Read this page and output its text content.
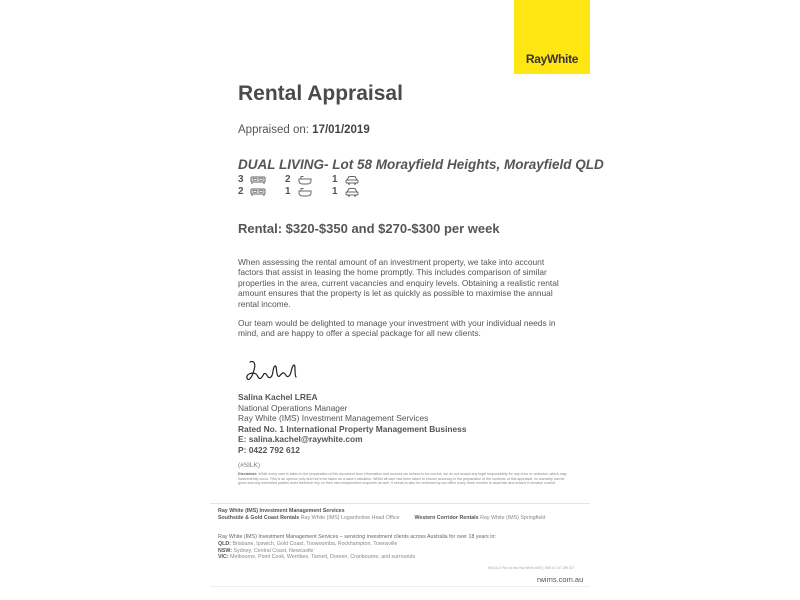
RayWhite
Rental Appraisal
Appraised on: 17/01/2019
DUAL LIVING- Lot 58 Morayfield Heights, Morayfield QLD
3	2	1
2	1	1
Rental: $320-$350 and $270-$300 per week
When assessing the rental amount of an investment property, we take into account factors that assist in leasing the home promptly. This includes comparison of similar properties in the area, current vacancies and enquiry levels. Obtaining a realistic rental amount ensures that the property is let as quickly as possible to maximise the annual rental income.
Our team would be delighted to manage your investment with your individual needs in mind, and are happy to offer a special package for all new clients.
Salina Kachel LREA
National Operations Manager
Ray White (IMS) Investment Management Services
Rated No. 1 International Property Management Business
E: salina.kachel@raywhite.com
P: 0422 792 612
(#SILK)
Disclaimer: While every care is taken in the preparation of this document from information and sources we believe to be correct, we do not accept any legal responsibility for any error or omission, which may inadvertently occur. This is an opinion only and not to be taken as a sworn valuation. Whilst all care has been taken to ensure accuracy in the preparation of the contents of this appraisal, no warranty can be given and any interested parties must therefore rely on their own independent enquiries as well. It needs to also be reviewed by our office every three months to ascertain and ensure it remains current.
Ray White (IMS) Investment Management Services
Southside & Gold Coast Rentals Ray White (IMS) Loganholme Head Office	Western Corridor Rentals Ray White (IMS) Springfield
Ray White (IMS) Investment Management Services – servicing investment clients across Australia for over 18 years in:
QLD: Brisbane, Ipswich, Gold Coast, Toowoomba, Rockhampton, Townsville
NSW: Sydney, Central Coast, Newcastle
VIC: Melbourne, Point Cook, Werribee, Tarneit, Doreen, Cranbourne, and surrounds
IMS/QLD Pty Ltd t/as Ray White (IMS) | ABN 62 167 289 827
rwims.com.au
